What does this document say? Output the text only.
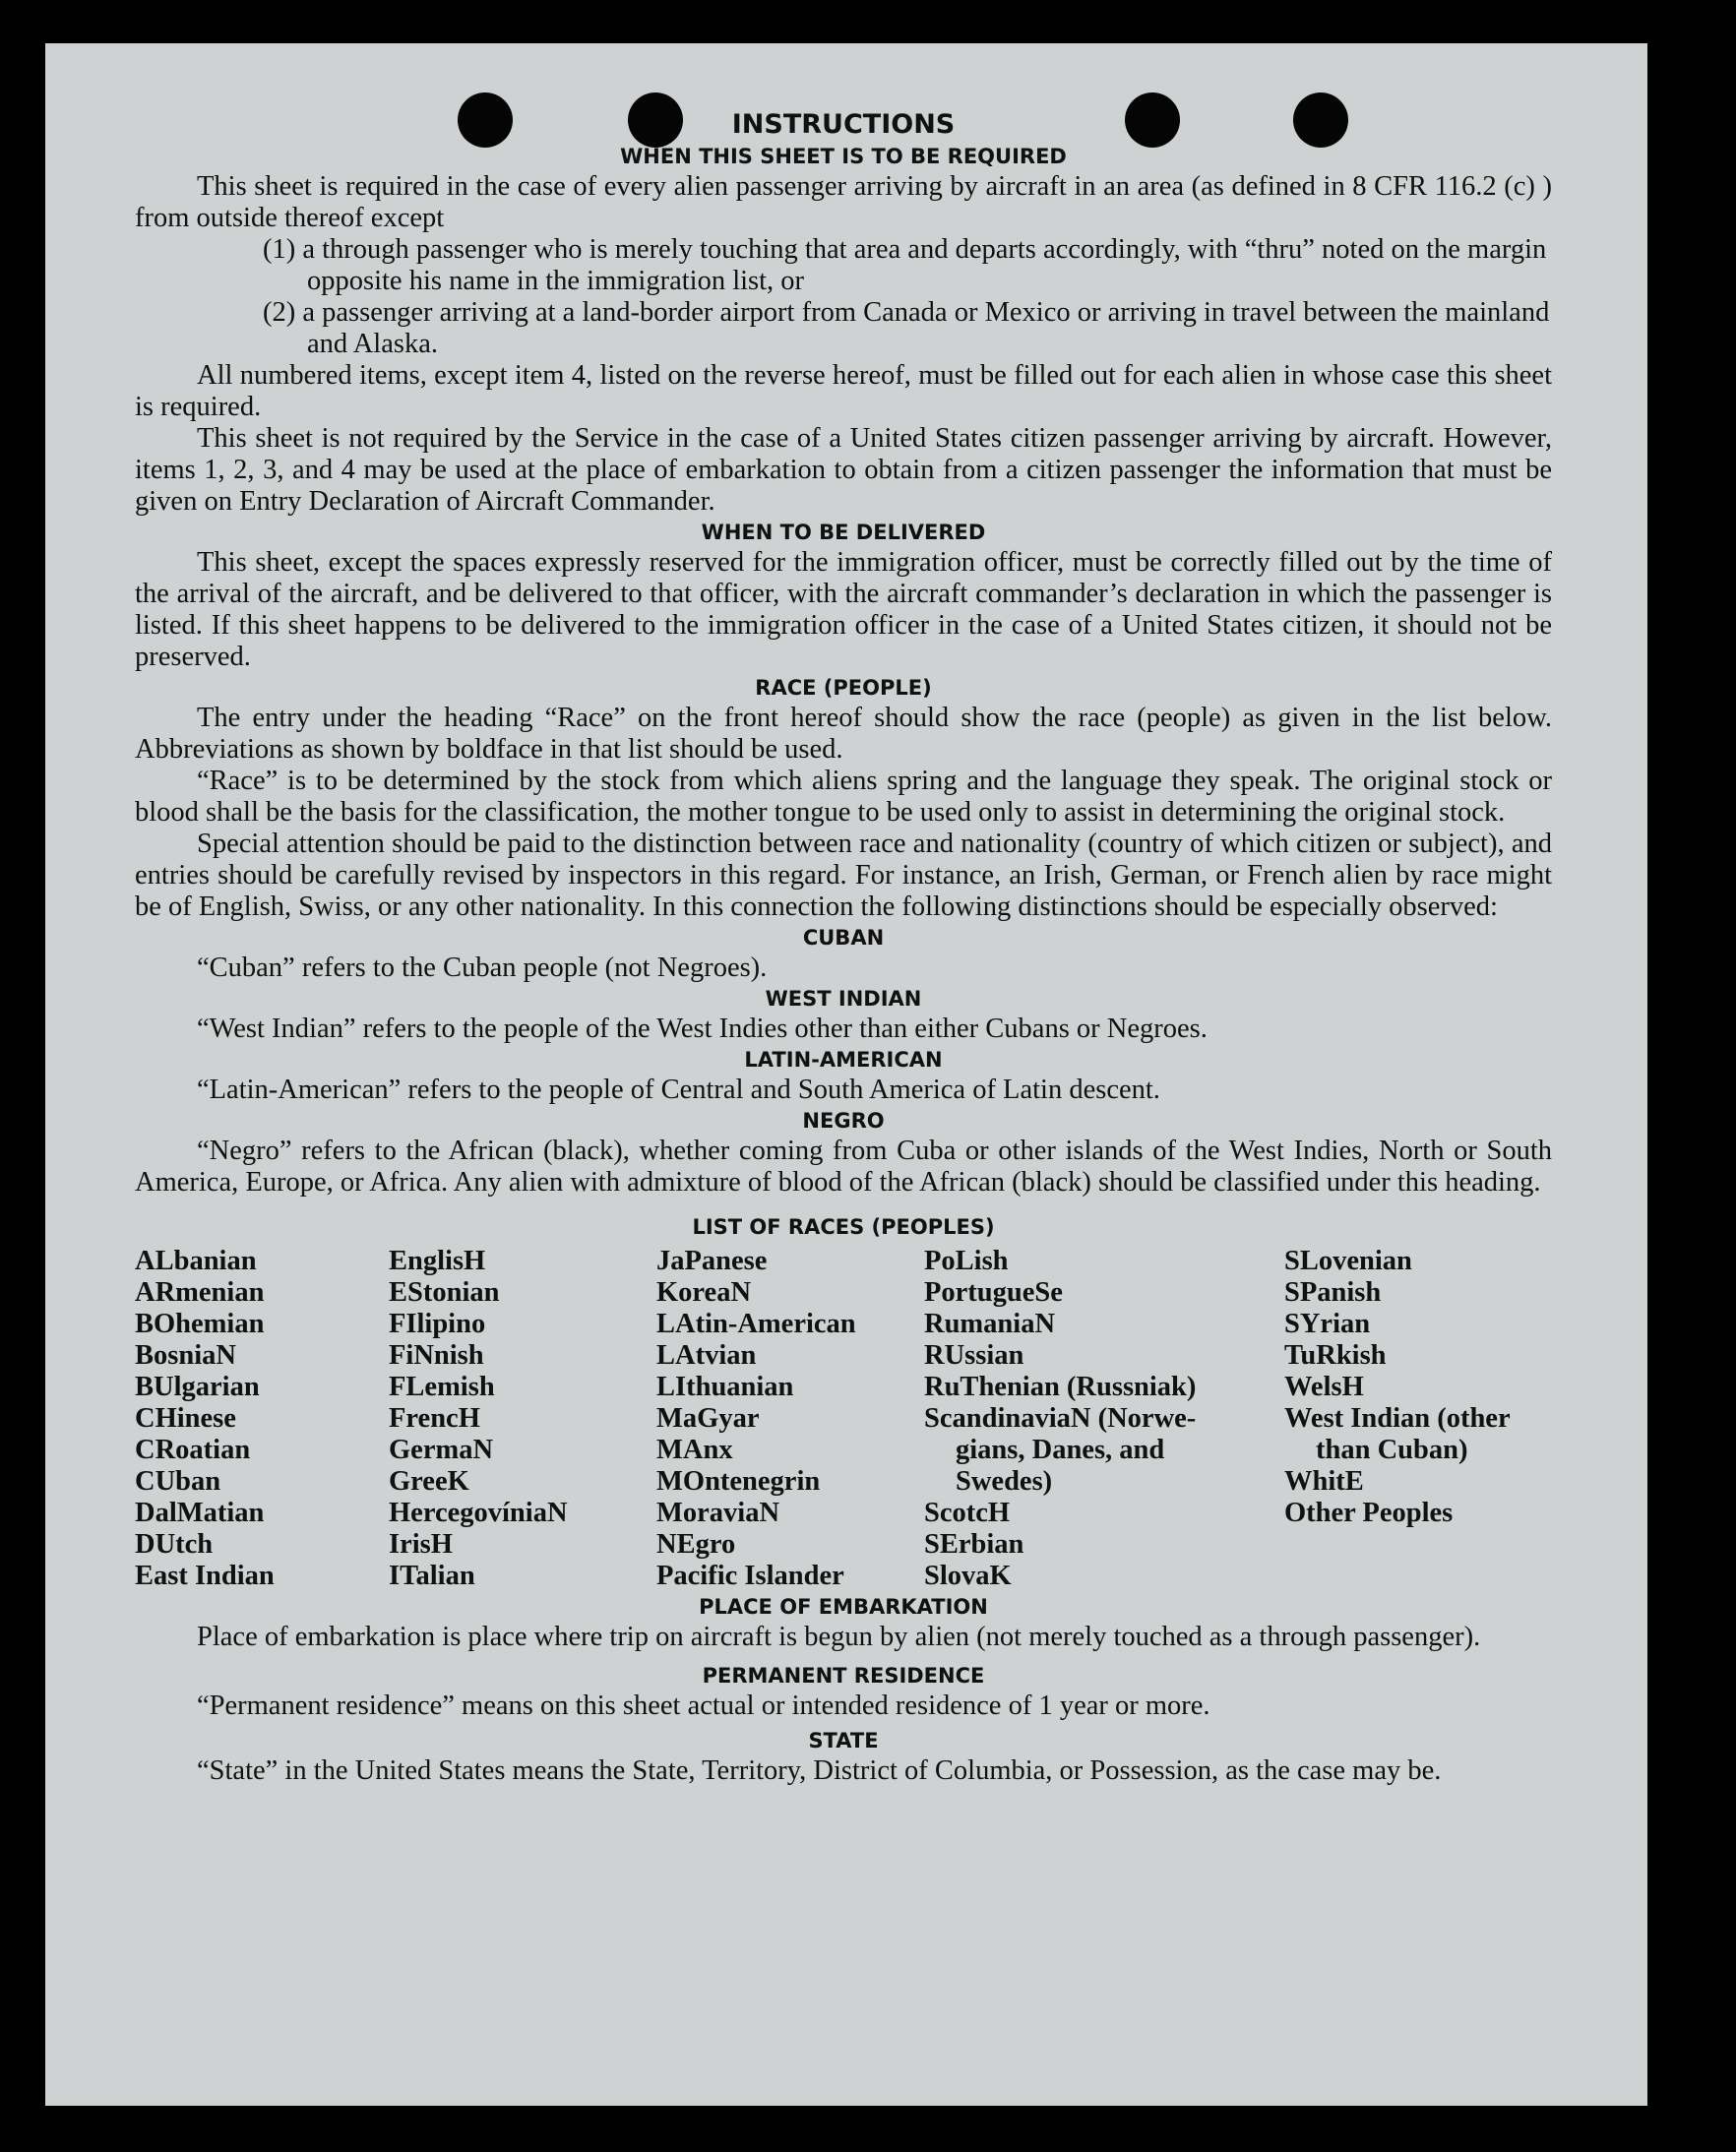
INSTRUCTIONS
WHEN THIS SHEET IS TO BE REQUIRED

This sheet is required in the case of every alien passenger arriving by aircraft in an area (as defined in 8 CFR 116.2 (c) ) from outside thereof except

(1) a through passenger who is merely touching that area and departs accordingly, with “thru” noted on the margin opposite his name in the immigration list, or

(2) a passenger arriving at a land-border airport from Canada or Mexico or arriving in travel between the mainland and Alaska.

All numbered items, except item 4, listed on the reverse hereof, must be filled out for each alien in whose case this sheet is required.

This sheet is not required by the Service in the case of a United States citizen passenger arriving by aircraft. However, items 1, 2, 3, and 4 may be used at the place of embarkation to obtain from a citizen passenger the information that must be given on Entry Declaration of Aircraft Commander.

WHEN TO BE DELIVERED

This sheet, except the spaces expressly reserved for the immigration officer, must be correctly filled out by the time of the arrival of the aircraft, and be delivered to that officer, with the aircraft commander’s declaration in which the passenger is listed. If this sheet happens to be delivered to the immigration officer in the case of a United States citizen, it should not be preserved.

RACE (PEOPLE)

The entry under the heading “Race” on the front hereof should show the race (people) as given in the list below. Abbreviations as shown by boldface in that list should be used.

“Race” is to be determined by the stock from which aliens spring and the language they speak. The original stock or blood shall be the basis for the classification, the mother tongue to be used only to assist in determining the original stock.

Special attention should be paid to the distinction between race and nationality (country of which citizen or subject), and entries should be carefully revised by inspectors in this regard. For instance, an Irish, German, or French alien by race might be of English, Swiss, or any other nationality. In this connection the following distinctions should be especially observed:

CUBAN

“Cuban” refers to the Cuban people (not Negroes).

WEST INDIAN

“West Indian” refers to the people of the West Indies other than either Cubans or Negroes.

LATIN-AMERICAN

“Latin-American” refers to the people of Central and South America of Latin descent.

NEGRO

“Negro” refers to the African (black), whether coming from Cuba or other islands of the West Indies, North or South America, Europe, or Africa. Any alien with admixture of blood of the African (black) should be classified under this heading.

LIST OF RACES (PEOPLES)
ALbanian
ARmenian
BOhemian
BosniaN
BUlgarian
CHinese
CRoatian
CUban
DalMatian
DUtch
East Indian
EnglisH
EStonian
FIlipino
FiNnish
FLemish
FrencH
GermaN
GreeK
HercegovíniaN
IrisH
ITalian
JaPanese
KoreaN
LAtin-American
LAtvian
LIthuanian
MaGyar
MAnx
MOntenegrin
MoraviaN
NEgro
Pacific Islander
PoLish
PortugueSe
RumaniaN
RUssian
RuThenian (Russniak)
ScandinaviaN (Norwe-
gians, Danes, and
Swedes)
ScotcH
SErbian
SlovaK
SLovenian
SPanish
SYrian
TuRkish
WelsH
West Indian (other
than Cuban)
WhitE
Other Peoples
PLACE OF EMBARKATION

Place of embarkation is place where trip on aircraft is begun by alien (not merely touched as a through passenger).

PERMANENT RESIDENCE

“Permanent residence” means on this sheet actual or intended residence of 1 year or more.

STATE

“State” in the United States means the State, Territory, District of Columbia, or Possession, as the case may be.
